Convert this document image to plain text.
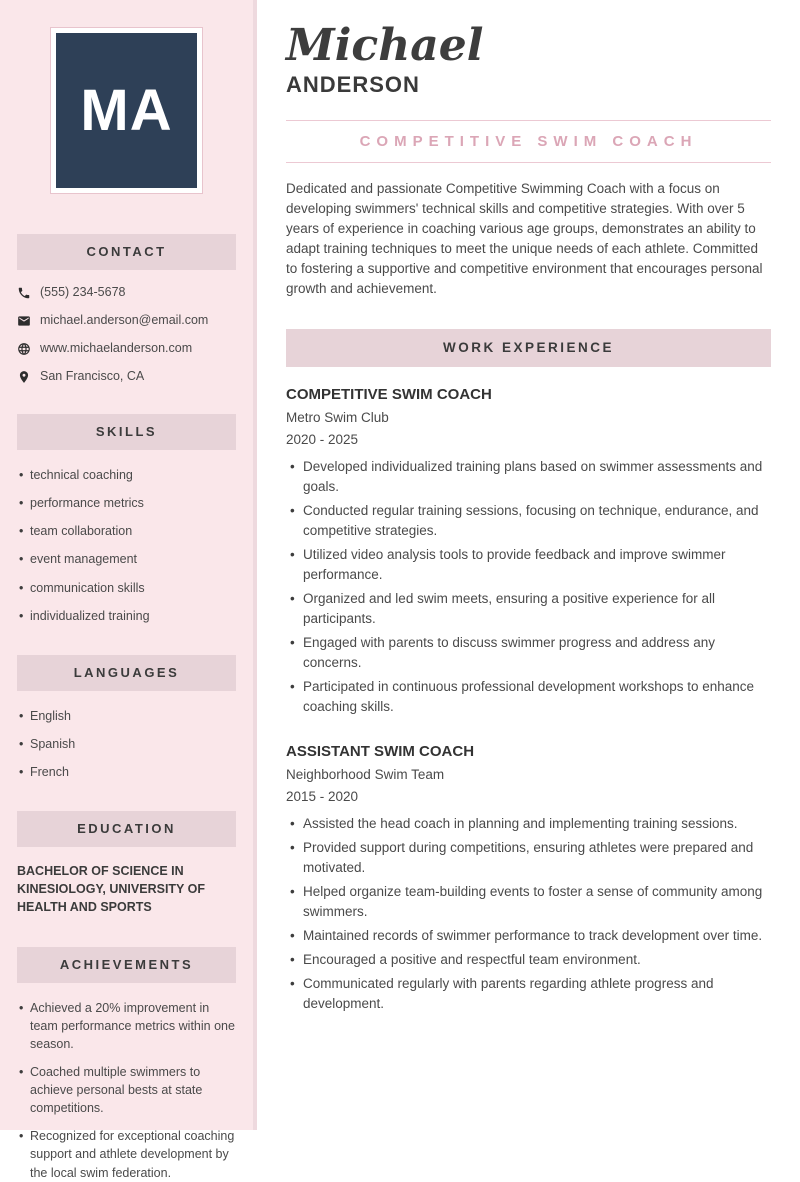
MA
CONTACT
(555) 234-5678
michael.anderson@email.com
www.michaelanderson.com
San Francisco, CA
SKILLS
• technical coaching
• performance metrics
• team collaboration
• event management
• communication skills
• individualized training
LANGUAGES
• English
• Spanish
• French
EDUCATION
BACHELOR OF SCIENCE IN KINESIOLOGY, UNIVERSITY OF HEALTH AND SPORTS
ACHIEVEMENTS
• Achieved a 20% improvement in team performance metrics within one season.
• Coached multiple swimmers to achieve personal bests at state competitions.
• Recognized for exceptional coaching support and athlete development by the local swim federation.
Michael
ANDERSON
COMPETITIVE SWIM COACH

Dedicated and passionate Competitive Swimming Coach with a focus on developing swimmers' technical skills and competitive strategies. With over 5 years of experience in coaching various age groups, demonstrates an ability to adapt training techniques to meet the unique needs of each athlete. Committed to fostering a supportive and competitive environment that encourages personal growth and achievement.

WORK EXPERIENCE
COMPETITIVE SWIM COACH
Metro Swim Club
2020 - 2025
• Developed individualized training plans based on swimmer assessments and goals.
• Conducted regular training sessions, focusing on technique, endurance, and competitive strategies.
• Utilized video analysis tools to provide feedback and improve swimmer performance.
• Organized and led swim meets, ensuring a positive experience for all participants.
• Engaged with parents to discuss swimmer progress and address any concerns.
• Participated in continuous professional development workshops to enhance coaching skills.
ASSISTANT SWIM COACH
Neighborhood Swim Team
2015 - 2020
• Assisted the head coach in planning and implementing training sessions.
• Provided support during competitions, ensuring athletes were prepared and motivated.
• Helped organize team-building events to foster a sense of community among swimmers.
• Maintained records of swimmer performance to track development over time.
• Encouraged a positive and respectful team environment.
• Communicated regularly with parents regarding athlete progress and development.
